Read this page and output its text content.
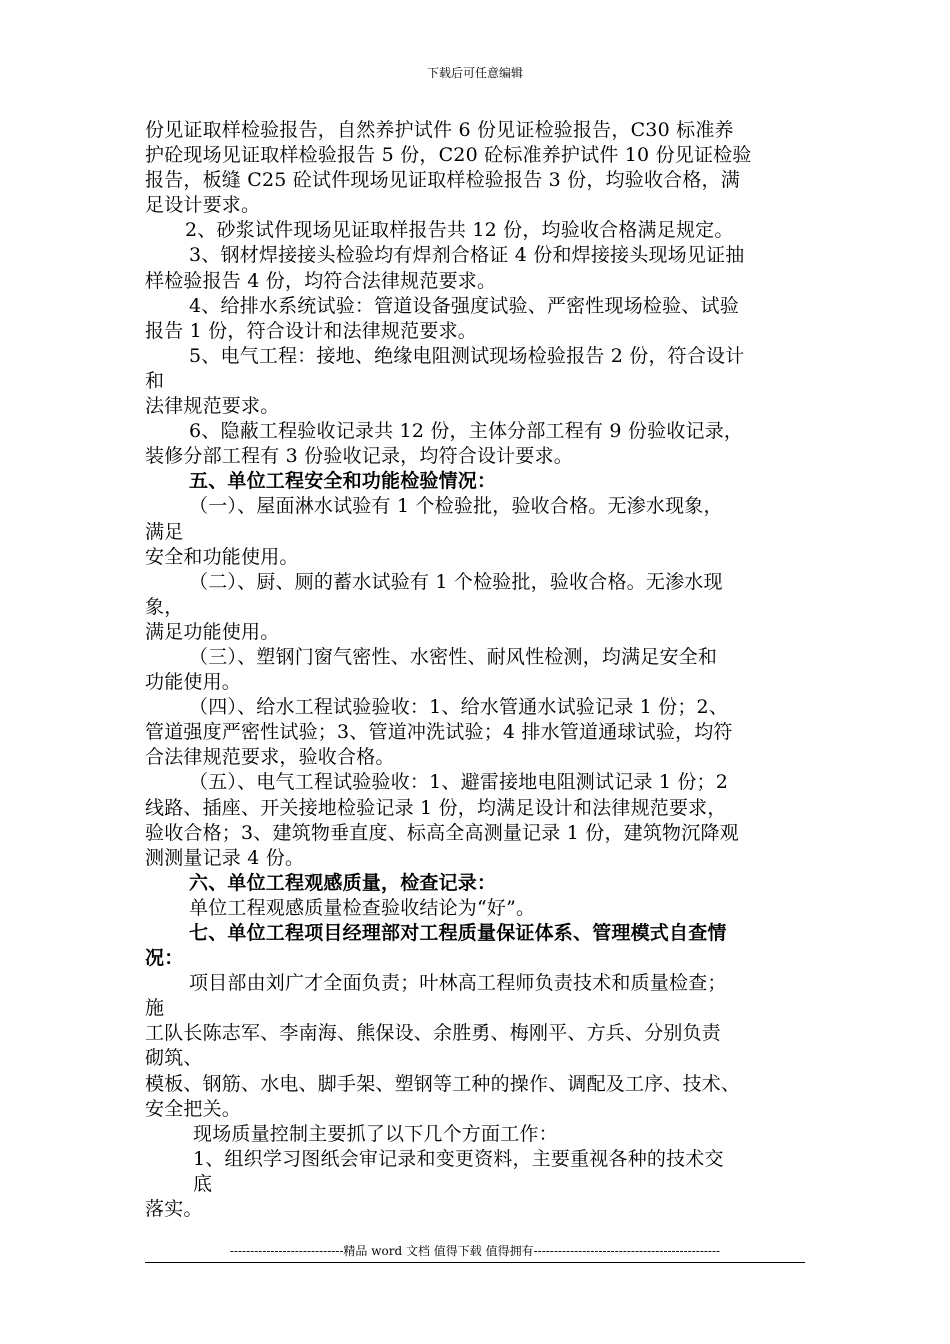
下载后可任意编辑
份见证取样检验报告，自然养护试件 6 份见证检验报告，C30 标准养
护砼现场见证取样检验报告 5 份，C20 砼标准养护试件 10 份见证检验
报告，板缝 C25 砼试件现场见证取样检验报告 3 份，均验收合格，满
足设计要求。
2、砂浆试件现场见证取样报告共 12 份，均验收合格满足规定。
3、钢材焊接接头检验均有焊剂合格证 4 份和焊接接头现场见证抽
样检验报告 4 份，均符合法律规范要求。
4、给排水系统试验：管道设备强度试验、严密性现场检验、试验
报告 1 份，符合设计和法律规范要求。
5、电气工程：接地、绝缘电阻测试现场检验报告 2 份，符合设计
和
法律规范要求。
6、隐蔽工程验收记录共 12 份，主体分部工程有 9 份验收记录，
装修分部工程有 3 份验收记录，均符合设计要求。
五、单位工程安全和功能检验情况：
（一）、屋面淋水试验有 1 个检验批，验收合格。无渗水现象，
满足
安全和功能使用。
（二）、厨、厕的蓄水试验有 1 个检验批，验收合格。无渗水现
象，
满足功能使用。
（三）、塑钢门窗气密性、水密性、耐风性检测，均满足安全和
功能使用。
（四）、给水工程试验验收：1、给水管通水试验记录 1 份；2、
管道强度严密性试验；3、管道冲洗试验；4 排水管道通球试验，均符
合法律规范要求，验收合格。
（五）、电气工程试验验收：1、避雷接地电阻测试记录 1 份；2
线路、插座、开关接地检验记录 1 份，均满足设计和法律规范要求，
验收合格；3、建筑物垂直度、标高全高测量记录 1 份，建筑物沉降观
测测量记录 4 份。
六、单位工程观感质量，检查记录：
单位工程观感质量检查验收结论为“好”。
七、单位工程项目经理部对工程质量保证体系、管理模式自查情
况：
项目部由刘广才全面负责；叶林高工程师负责技术和质量检查；
施
工队长陈志军、李南海、熊保设、余胜勇、梅刚平、方兵、分别负责
砌筑、
模板、钢筋、水电、脚手架、塑钢等工种的操作、调配及工序、技术、
安全把关。
现场质量控制主要抓了以下几个方面工作：
1、组织学习图纸会审记录和变更资料，主要重视各种的技术交
底
落实。
----------------------------精品 word 文档 值得下载 值得拥有----------------------------------------------
